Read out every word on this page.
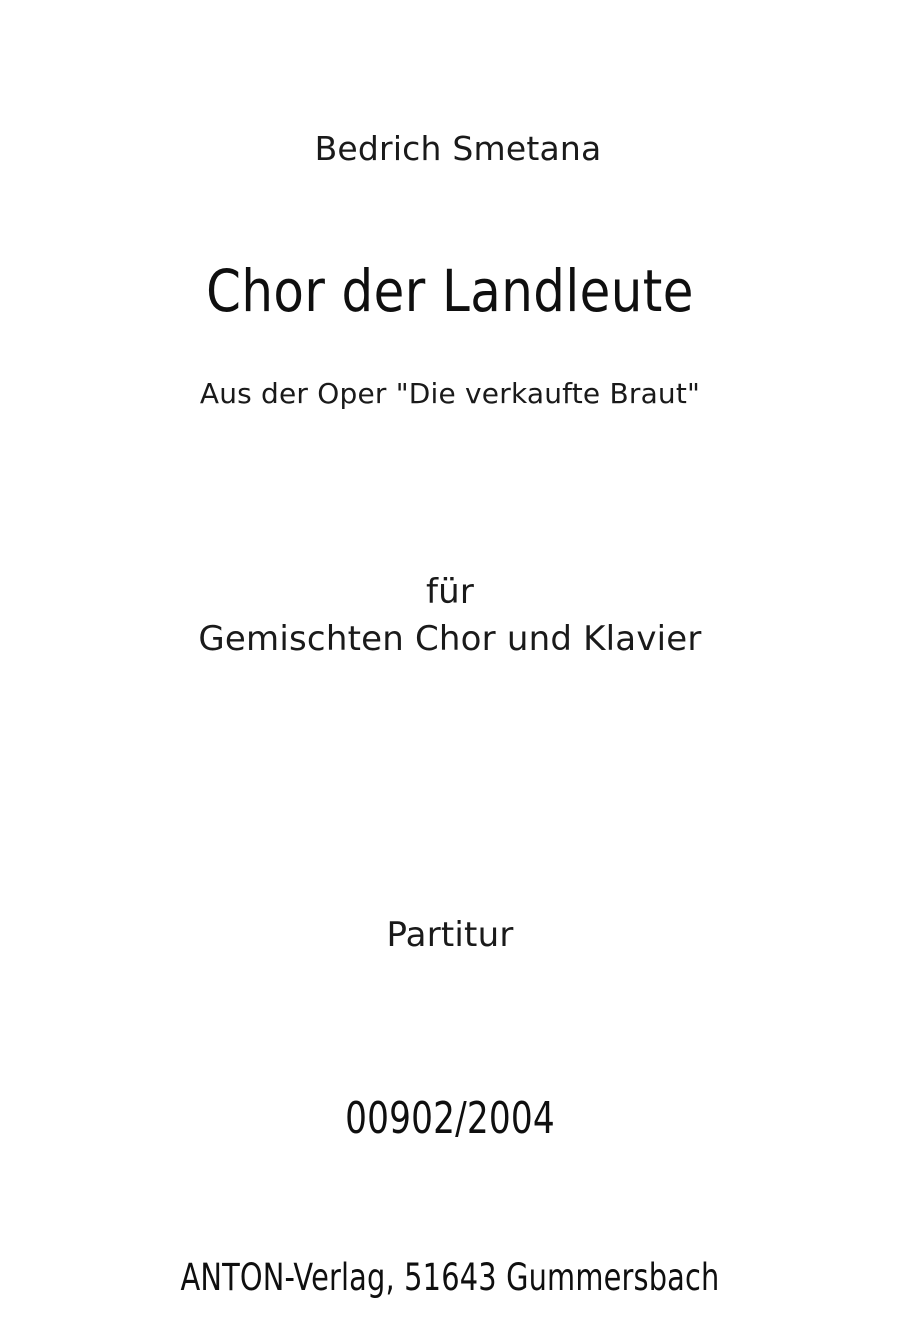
Bedrich Smetana
Chor der Landleute
Aus der Oper "Die verkaufte Braut"
für
Gemischten Chor und Klavier
Partitur
00902/2004
ANTON-Verlag, 51643 Gummersbach
